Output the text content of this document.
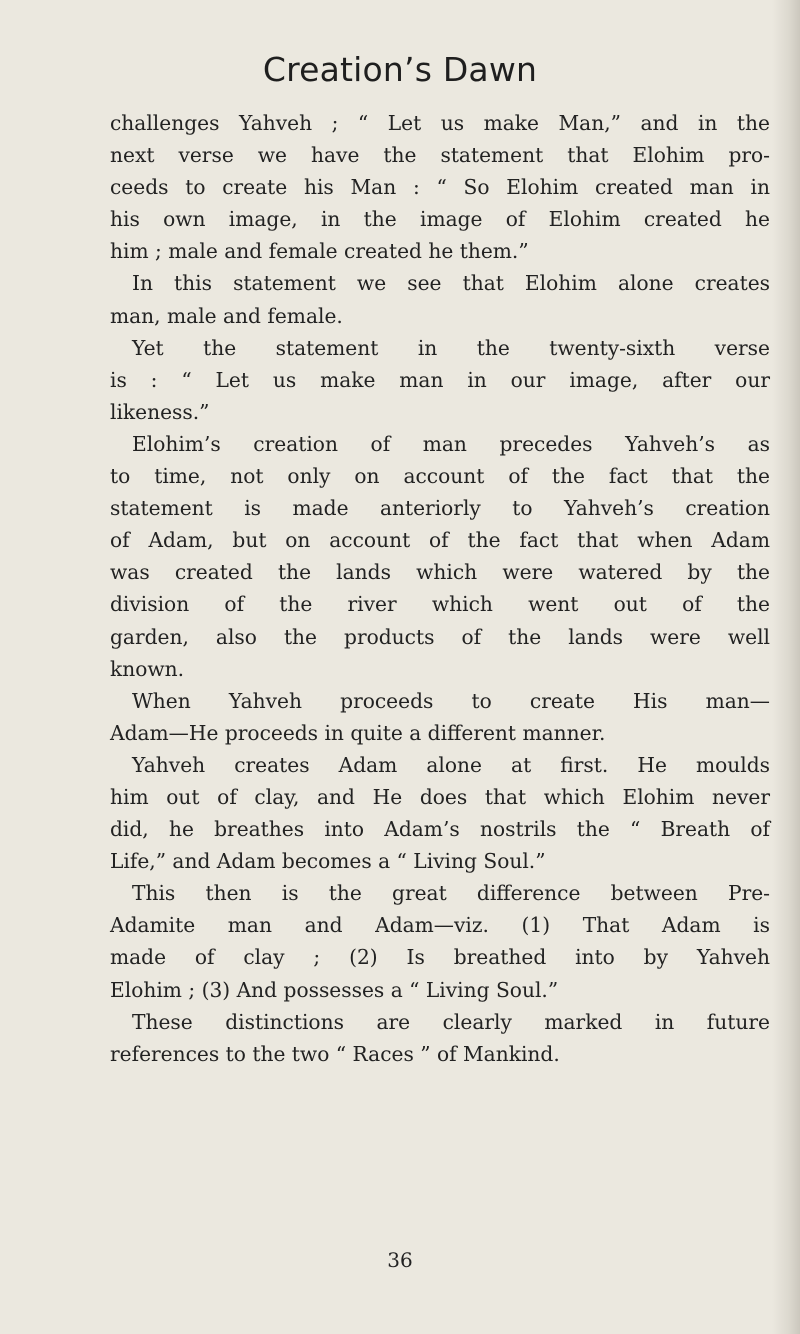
Creation’s Dawn

challenges Yahveh ; “ Let us make Man,” and in the
next verse we have the statement that Elohim pro-
ceeds to create his Man : “ So Elohim created man in
his own image, in the image of Elohim created he
him ; male and female created he them.”

In this statement we see that Elohim alone creates
man, male and female.

Yet the statement in the twenty-sixth verse
is : “ Let us make man in our image, after our
likeness.”

Elohim’s creation of man precedes Yahveh’s as
to time, not only on account of the fact that the
statement is made anteriorly to Yahveh’s creation
of Adam, but on account of the fact that when Adam
was created the lands which were watered by the
division of the river which went out of the
garden, also the products of the lands were well
known.

When Yahveh proceeds to create His man—
Adam—He proceeds in quite a different manner.

Yahveh creates Adam alone at first. He moulds
him out of clay, and He does that which Elohim never
did, he breathes into Adam’s nostrils the “ Breath of
Life,” and Adam becomes a “ Living Soul.”

This then is the great difference between Pre-
Adamite man and Adam—viz. (1) That Adam is
made of clay ; (2) Is breathed into by Yahveh
Elohim ; (3) And possesses a “ Living Soul.”

These distinctions are clearly marked in future
references to the two “ Races ” of Mankind.

36
